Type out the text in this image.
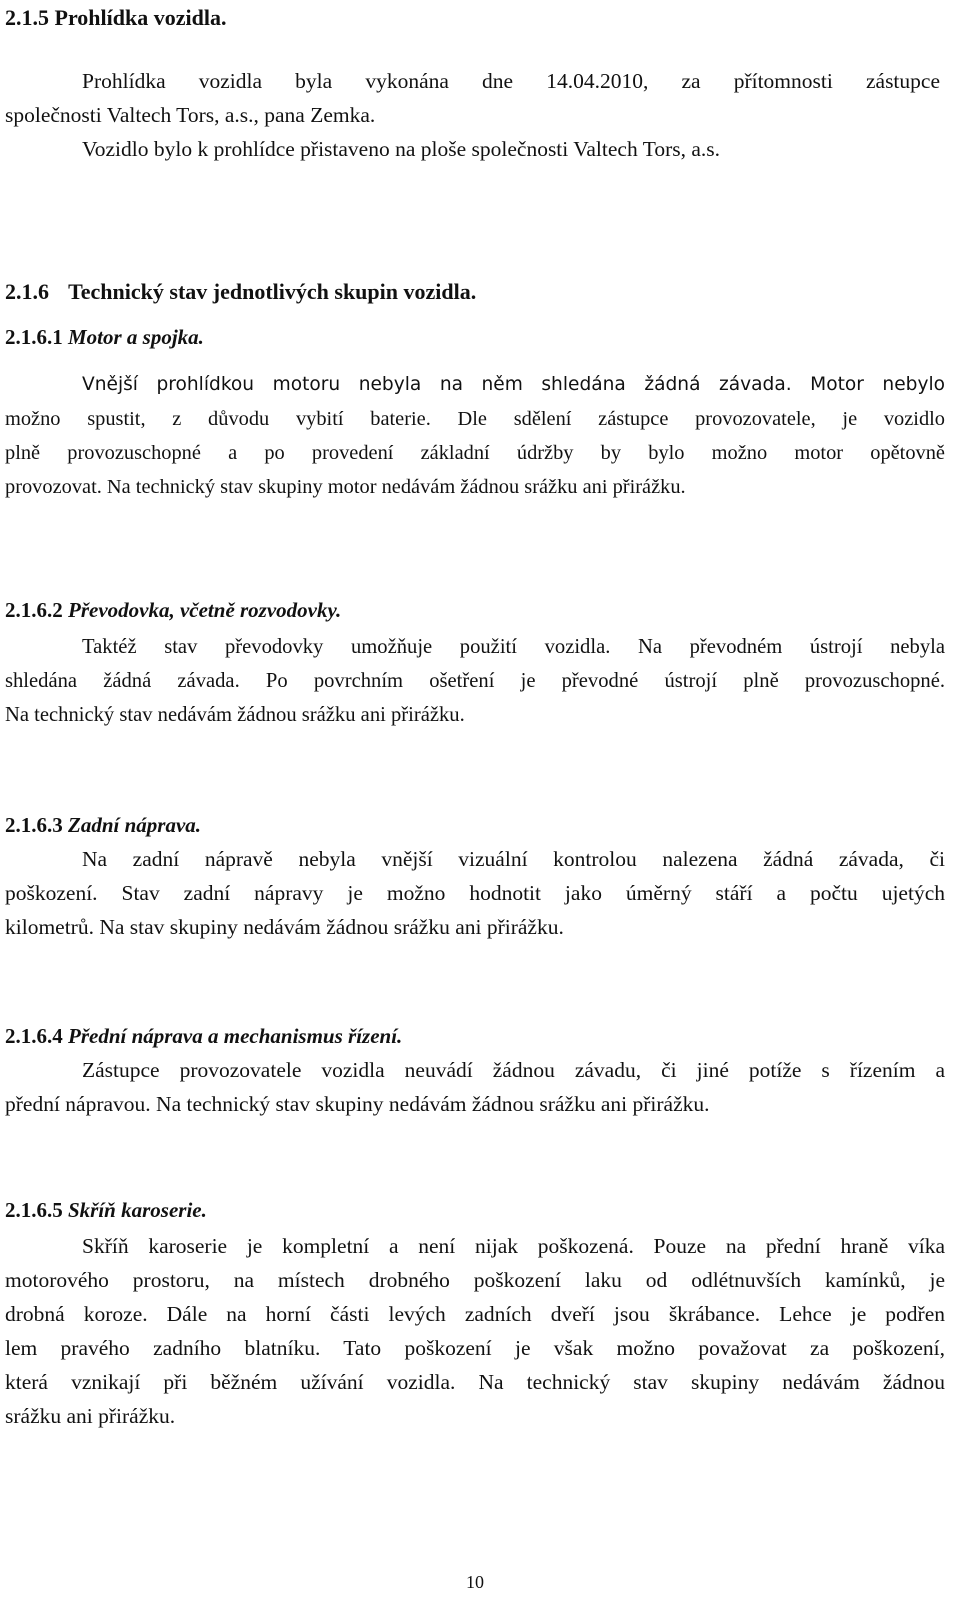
2.1.5 Prohlídka vozidla.
Prohlídka vozidla byla vykonána dne 14.04.2010, za přítomnosti zástupce
společnosti Valtech Tors, a.s., pana Zemka.
Vozidlo bylo k prohlídce přistaveno na ploše společnosti Valtech Tors, a.s.
2.1.6 Technický stav jednotlivých skupin vozidla.
2.1.6.1 Motor a spojka.
Vnější prohlídkou motoru nebyla na něm shledána žádná závada. Motor nebylo
možno spustit, z důvodu vybití baterie. Dle sdělení zástupce provozovatele, je vozidlo
plně provozuschopné a po provedení základní údržby by bylo možno motor opětovně
provozovat. Na technický stav skupiny motor nedávám žádnou srážku ani přirážku.
2.1.6.2 Převodovka, včetně rozvodovky.
Taktéž stav převodovky umožňuje použití vozidla. Na převodném ústrojí nebyla
shledána žádná závada. Po povrchním ošetření je převodné ústrojí plně provozuschopné.
Na technický stav nedávám žádnou srážku ani přirážku.
2.1.6.3 Zadní náprava.
Na zadní nápravě nebyla vnější vizuální kontrolou nalezena žádná závada, či
poškození. Stav zadní nápravy je možno hodnotit jako úměrný stáří a počtu ujetých
kilometrů. Na stav skupiny nedávám žádnou srážku ani přirážku.
2.1.6.4 Přední náprava a mechanismus řízení.
Zástupce provozovatele vozidla neuvádí žádnou závadu, či jiné potíže s řízením a
přední nápravou. Na technický stav skupiny nedávám žádnou srážku ani přirážku.
2.1.6.5 Skříň karoserie.
Skříň karoserie je kompletní a není nijak poškozená. Pouze na přední hraně víka
motorového prostoru, na místech drobného poškození laku od odlétnuvších kamínků, je
drobná koroze. Dále na horní části levých zadních dveří jsou škrábance. Lehce je podřen
lem pravého zadního blatníku. Tato poškození je však možno považovat za poškození,
která vznikají při běžném užívání vozidla. Na technický stav skupiny nedávám žádnou
srážku ani přirážku.
10
